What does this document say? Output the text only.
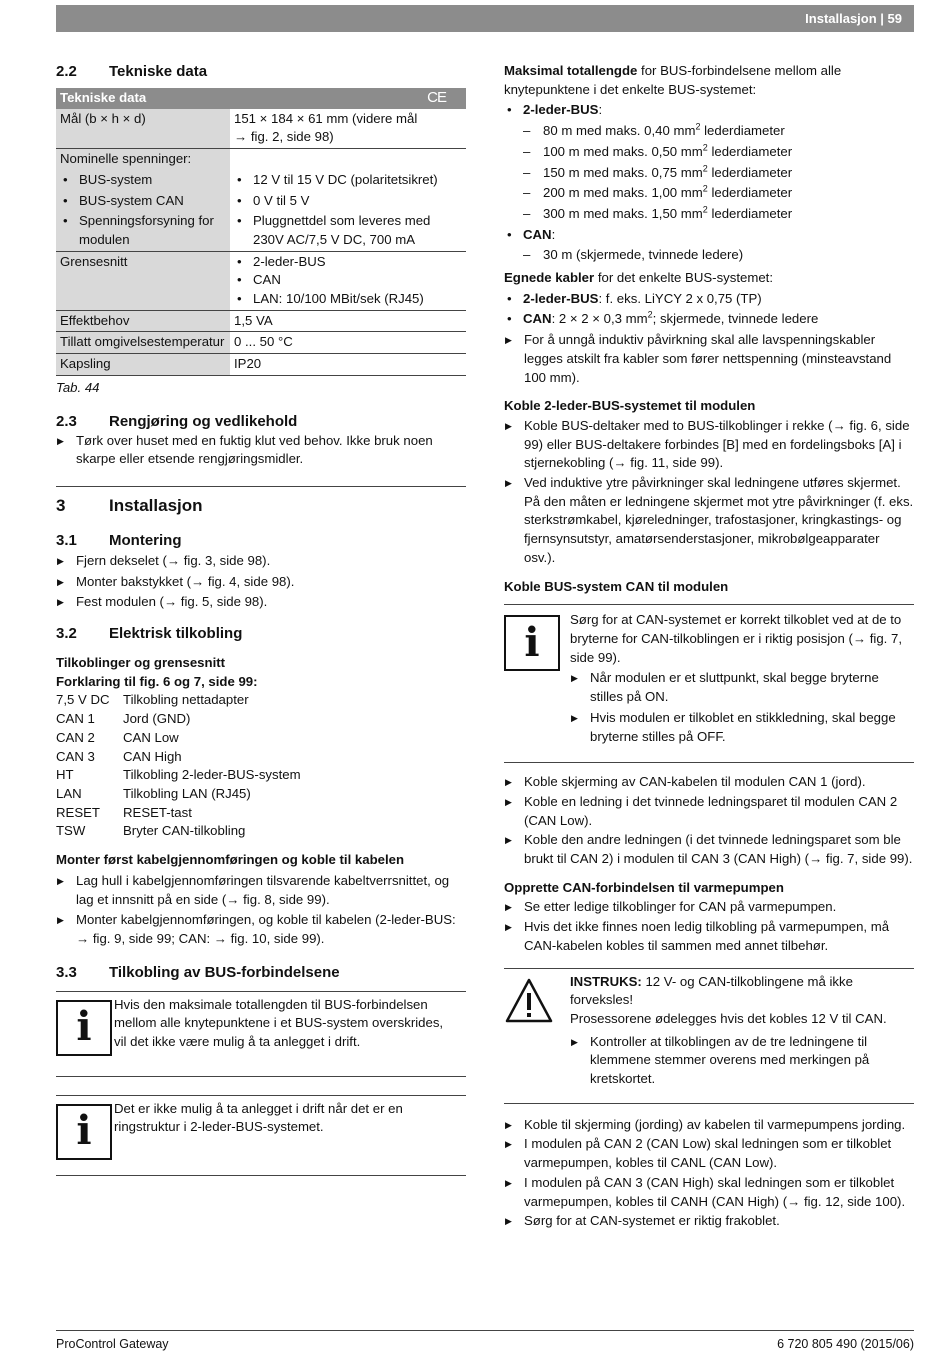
Installasjon | 59
2.2 Tekniske data
Tekniske data CE	

Mål (b × h × d)	151 × 184 × 61 mm (videre mål
→ fig. 2, side 98)

Nominelle spenninger:	

• BUS-system	• 12 V til 15 V DC (polaritetsikret)

• BUS-system CAN	• 0 V til 5 V

• Spenningsforsyning for
modulen	• Pluggnettdel som leveres med
230V AC/7,5 V DC, 700 mA

Grensesnitt	• 2-leder-BUS
• CAN
• LAN: 10/100 MBit/sek (RJ45)

Effektbehov	1,5 VA
Tillatt omgivelsestemperatur	0 ... 50 °C
Kapsling	IP20
Tab. 44
2.3 Rengjøring og vedlikehold
▶ Tørk over huset med en fuktig klut ved behov. Ikke bruk noen skarpe eller etsende rengjøringsmidler.
3	Installasjon
3.1 Montering
▶ Fjern dekselet (→ fig. 3, side 98).
▶ Monter bakstykket (→ fig. 4, side 98).
▶ Fest modulen (→ fig. 5, side 98).
3.2 Elektrisk tilkobling
Tilkoblinger og grensesnitt
Forklaring til fig. 6 og 7, side 99:
7,5 V DC	Tilkobling nettadapter
CAN 1	Jord (GND)
CAN 2	CAN Low
CAN 3	CAN High
HT	Tilkobling 2-leder-BUS-system
LAN	Tilkobling LAN (RJ45)
RESET	RESET-tast
TSW	Bryter CAN-tilkobling
Monter først kabelgjennomføringen og koble til kabelen
▶ Lag hull i kabelgjennomføringen tilsvarende kabeltverrsnittet, og lag et innsnitt på en side (→ fig. 8, side 99).
▶ Monter kabelgjennomføringen, og koble til kabelen (2-leder-BUS: → fig. 9, side 99; CAN: → fig. 10, side 99).
3.3 Tilkobling av BUS-forbindelsene
i	Hvis den maksimale totallengden til BUS-forbindelsen mellom alle knytepunktene i et BUS-system overskrides, vil det ikke være mulig å ta anlegget i drift.
i	Det er ikke mulig å ta anlegget i drift når det er en ringstruktur i 2-leder-BUS-systemet.
Maksimal totallengde for BUS-forbindelsene mellom alle knytepunktene i det enkelte BUS-systemet:
• 2-leder-BUS:
– 80 m med maks. 0,40 $mm^2$ lederdiameter
– 100 m med maks. 0,50 $mm^2$ lederdiameter
– 150 m med maks. 0,75 $mm^2$ lederdiameter
– 200 m med maks. 1,00 $mm^2$ lederdiameter
– 300 m med maks. 1,50 $mm^2$ lederdiameter
• CAN:
– 30 m (skjermede, tvinnede ledere)
Egnede kabler for det enkelte BUS-systemet:
• 2-leder-BUS: f. eks. LiYCY 2 x 0,75 (TP)
• CAN: 2 × 2 × 0,3 $mm^2$; skjermede, tvinnede ledere
▶ For å unngå induktiv påvirkning skal alle lavspenningskabler legges atskilt fra kabler som fører nettspenning (minsteavstand 100 mm).
Koble 2-leder-BUS-systemet til modulen
▶ Koble BUS-deltaker med to BUS-tilkoblinger i rekke (→ fig. 6, side 99) eller BUS-deltakere forbindes [B] med en fordelingsboks [A] i stjernekobling (→ fig. 11, side 99).
▶ Ved induktive ytre påvirkninger skal ledningene utføres skjermet. På den måten er ledningene skjermet mot ytre påvirkninger (f. eks. sterkstrømkabel, kjøreledninger, trafostasjoner, kringkastings- og fjernsynsutstyr, amatørsenderstasjoner, mikrobølgeapparater osv.).
Koble BUS-system CAN til modulen
i	Sørg for at CAN-systemet er korrekt tilkoblet ved at de to bryterne for CAN-tilkoblingen er i riktig posisjon (→ fig. 7, side 99).
▶ Når modulen er et sluttpunkt, skal begge bryterne stilles på ON.
▶ Hvis modulen er tilkoblet en stikkledning, skal begge bryterne stilles på OFF.
▶ Koble skjerming av CAN-kabelen til modulen CAN 1 (jord).
▶ Koble en ledning i det tvinnede ledningsparet til modulen CAN 2 (CAN Low).
▶ Koble den andre ledningen (i det tvinnede ledningsparet som ble brukt til CAN 2) i modulen til CAN 3 (CAN High) (→ fig. 7, side 99).
Opprette CAN-forbindelsen til varmepumpen
▶ Se etter ledige tilkoblinger for CAN på varmepumpen.
▶ Hvis det ikke finnes noen ledig tilkobling på varmepumpen, må CAN-kabelen kobles til sammen med annet tilbehør.
INSTRUKS: 12 V- og CAN-tilkoblingene må ikke forveksles!
Prosessorene ødelegges hvis det kobles 12 V til CAN.
▶ Kontroller at tilkoblingen av de tre ledningene til klemmene stemmer overens med merkingen på kretskortet.
▶ Koble til skjerming (jording) av kabelen til varmepumpens jording.
▶ I modulen på CAN 2 (CAN Low) skal ledningen som er tilkoblet varmepumpen, kobles til CANL (CAN Low).
▶ I modulen på CAN 3 (CAN High) skal ledningen som er tilkoblet varmepumpen, kobles til CANH (CAN High) (→ fig. 12, side 100).
▶ Sørg for at CAN-systemet er riktig frakoblet.
ProControl Gateway	6 720 805 490 (2015/06)
